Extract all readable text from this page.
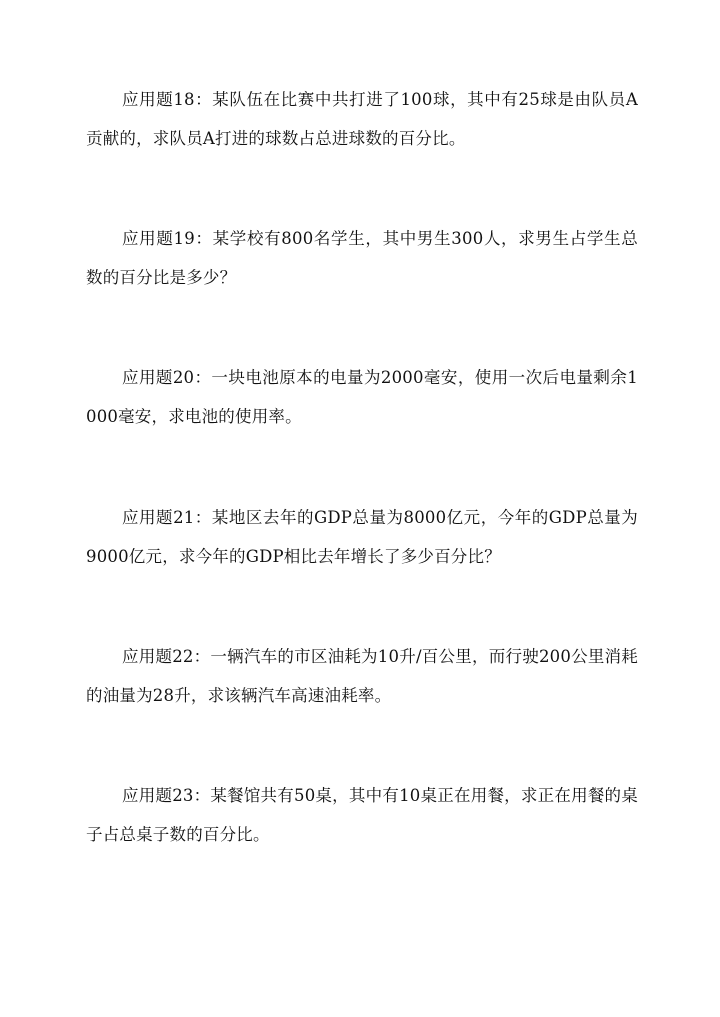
应用题18：某队伍在比赛中共打进了100球，其中有25球是由队员A贡献的，求队员A打进的球数占总进球数的百分比。

应用题19：某学校有800名学生，其中男生300人，求男生占学生总数的百分比是多少？

应用题20：一块电池原本的电量为2000毫安，使用一次后电量剩余1000毫安，求电池的使用率。

应用题21：某地区去年的GDP总量为8000亿元，今年的GDP总量为9000亿元，求今年的GDP相比去年增长了多少百分比？

应用题22：一辆汽车的市区油耗为10升/百公里，而行驶200公里消耗的油量为28升，求该辆汽车高速油耗率。

应用题23：某餐馆共有50桌，其中有10桌正在用餐，求正在用餐的桌子占总桌子数的百分比。
